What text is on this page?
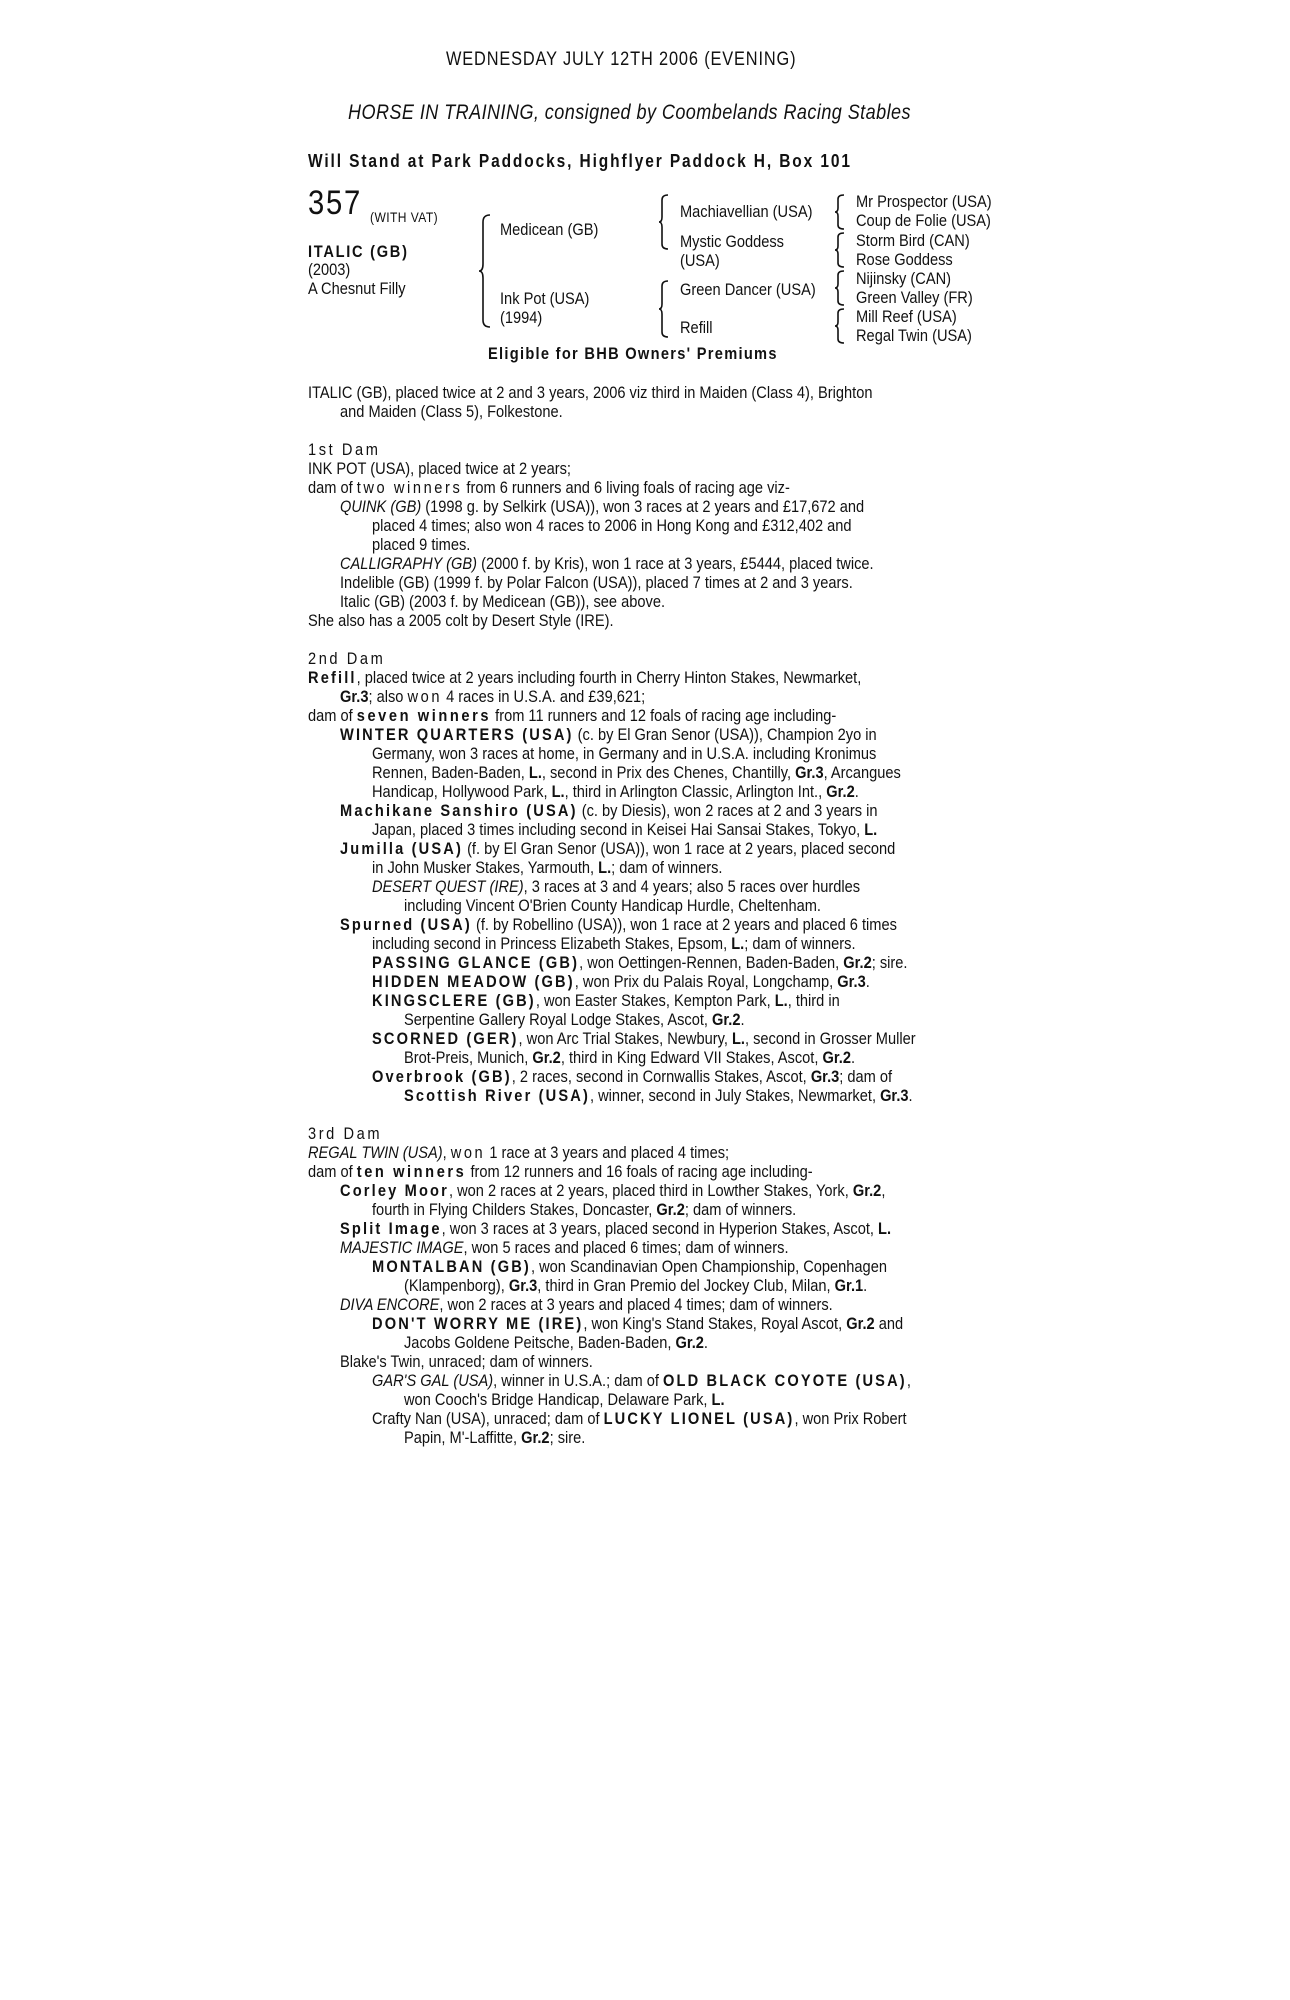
WEDNESDAY JULY 12TH 2006 (EVENING)
HORSE IN TRAINING, consigned by Coombelands Racing Stables
Will Stand at Park Paddocks, Highflyer Paddock H, Box 101
357 (WITH VAT)
ITALIC (GB)
(2003)
A Chesnut Filly
Medicean (GB)
Ink Pot (USA)
(1994)
Machiavellian (USA)
Mystic Goddess
(USA)
Green Dancer (USA)
Refill
Mr Prospector (USA)
Coup de Folie (USA)
Storm Bird (CAN)
Rose Goddess
Nijinsky (CAN)
Green Valley (FR)
Mill Reef (USA)
Regal Twin (USA)
Eligible for BHB Owners' Premiums
ITALIC (GB), placed twice at 2 and 3 years, 2006 viz third in Maiden (Class 4), Brighton
and Maiden (Class 5), Folkestone.
1st Dam
INK POT (USA), placed twice at 2 years;
dam of two winners from 6 runners and 6 living foals of racing age viz-
QUINK (GB) (1998 g. by Selkirk (USA)), won 3 races at 2 years and £17,672 and
placed 4 times; also won 4 races to 2006 in Hong Kong and £312,402 and
placed 9 times.
CALLIGRAPHY (GB) (2000 f. by Kris), won 1 race at 3 years, £5444, placed twice.
Indelible (GB) (1999 f. by Polar Falcon (USA)), placed 7 times at 2 and 3 years.
Italic (GB) (2003 f. by Medicean (GB)), see above.
She also has a 2005 colt by Desert Style (IRE).
2nd Dam
Refill, placed twice at 2 years including fourth in Cherry Hinton Stakes, Newmarket,
Gr.3; also won 4 races in U.S.A. and £39,621;
dam of seven winners from 11 runners and 12 foals of racing age including-
WINTER QUARTERS (USA) (c. by El Gran Senor (USA)), Champion 2yo in
Germany, won 3 races at home, in Germany and in U.S.A. including Kronimus
Rennen, Baden-Baden, L., second in Prix des Chenes, Chantilly, Gr.3, Arcangues
Handicap, Hollywood Park, L., third in Arlington Classic, Arlington Int., Gr.2.
Machikane Sanshiro (USA) (c. by Diesis), won 2 races at 2 and 3 years in
Japan, placed 3 times including second in Keisei Hai Sansai Stakes, Tokyo, L.
Jumilla (USA) (f. by El Gran Senor (USA)), won 1 race at 2 years, placed second
in John Musker Stakes, Yarmouth, L.; dam of winners.
DESERT QUEST (IRE), 3 races at 3 and 4 years; also 5 races over hurdles
including Vincent O'Brien County Handicap Hurdle, Cheltenham.
Spurned (USA) (f. by Robellino (USA)), won 1 race at 2 years and placed 6 times
including second in Princess Elizabeth Stakes, Epsom, L.; dam of winners.
PASSING GLANCE (GB), won Oettingen-Rennen, Baden-Baden, Gr.2; sire.
HIDDEN MEADOW (GB), won Prix du Palais Royal, Longchamp, Gr.3.
KINGSCLERE (GB), won Easter Stakes, Kempton Park, L., third in
Serpentine Gallery Royal Lodge Stakes, Ascot, Gr.2.
SCORNED (GER), won Arc Trial Stakes, Newbury, L., second in Grosser Muller
Brot-Preis, Munich, Gr.2, third in King Edward VII Stakes, Ascot, Gr.2.
Overbrook (GB), 2 races, second in Cornwallis Stakes, Ascot, Gr.3; dam of
Scottish River (USA), winner, second in July Stakes, Newmarket, Gr.3.
3rd Dam
REGAL TWIN (USA), won 1 race at 3 years and placed 4 times;
dam of ten winners from 12 runners and 16 foals of racing age including-
Corley Moor, won 2 races at 2 years, placed third in Lowther Stakes, York, Gr.2,
fourth in Flying Childers Stakes, Doncaster, Gr.2; dam of winners.
Split Image, won 3 races at 3 years, placed second in Hyperion Stakes, Ascot, L.
MAJESTIC IMAGE, won 5 races and placed 6 times; dam of winners.
MONTALBAN (GB), won Scandinavian Open Championship, Copenhagen
(Klampenborg), Gr.3, third in Gran Premio del Jockey Club, Milan, Gr.1.
DIVA ENCORE, won 2 races at 3 years and placed 4 times; dam of winners.
DON'T WORRY ME (IRE), won King's Stand Stakes, Royal Ascot, Gr.2 and
Jacobs Goldene Peitsche, Baden-Baden, Gr.2.
Blake's Twin, unraced; dam of winners.
GAR'S GAL (USA), winner in U.S.A.; dam of OLD BLACK COYOTE (USA),
won Cooch's Bridge Handicap, Delaware Park, L.
Crafty Nan (USA), unraced; dam of LUCKY LIONEL (USA), won Prix Robert
Papin, M'-Laffitte, Gr.2; sire.
